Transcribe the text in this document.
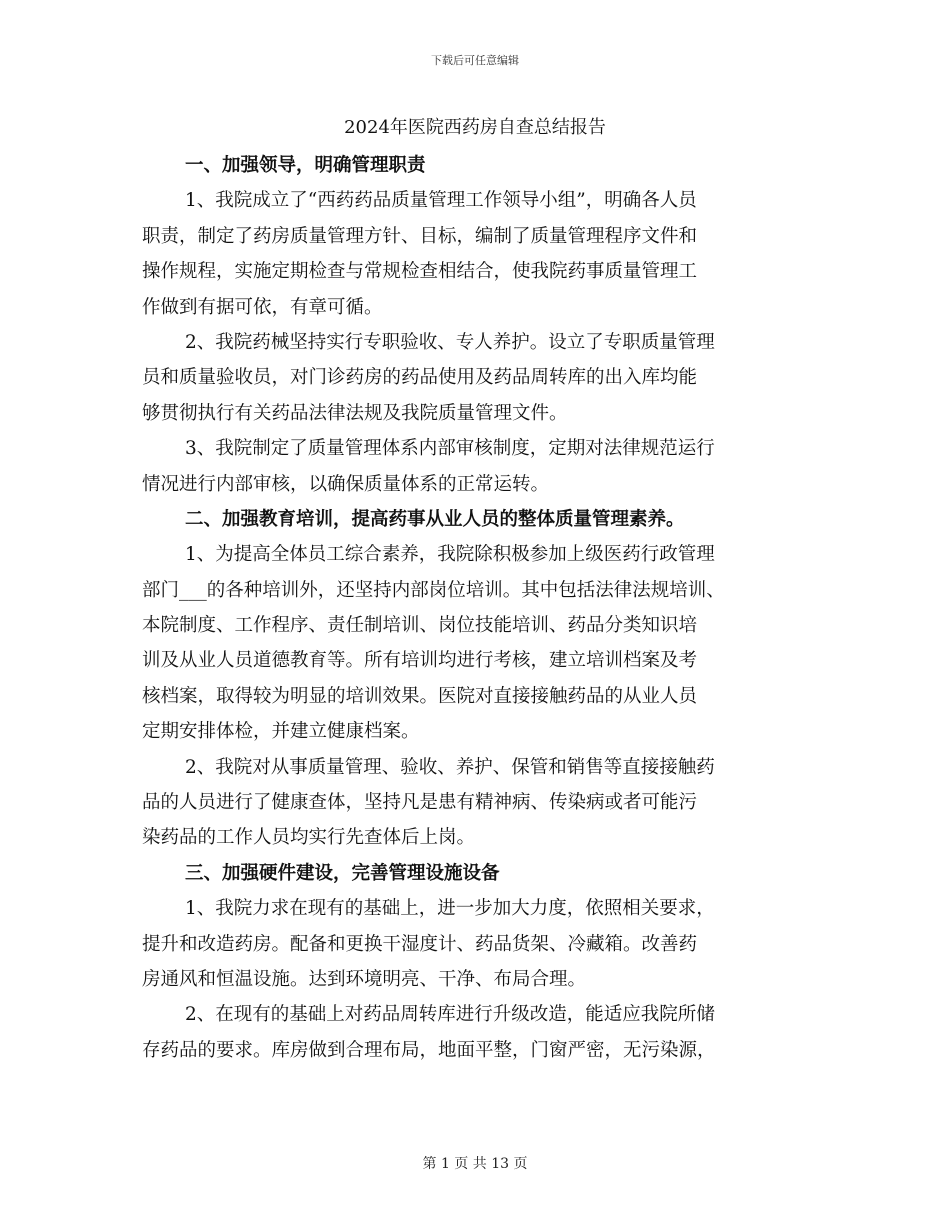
下载后可任意编辑
2024年医院西药房自查总结报告
一、加强领导，明确管理职责
1、我院成立了“西药药品质量管理工作领导小组”，明确各人员
职责，制定了药房质量管理方针、目标，编制了质量管理程序文件和
操作规程，实施定期检查与常规检查相结合，使我院药事质量管理工
作做到有据可依，有章可循。
2、我院药械坚持实行专职验收、专人养护。设立了专职质量管理
员和质量验收员，对门诊药房的药品使用及药品周转库的出入库均能
够贯彻执行有关药品法律法规及我院质量管理文件。
3、我院制定了质量管理体系内部审核制度，定期对法律规范运行
情况进行内部审核，以确保质量体系的正常运转。
二、加强教育培训，提高药事从业人员的整体质量管理素养。
1、为提高全体员工综合素养，我院除积极参加上级医药行政管理
部门___的各种培训外，还坚持内部岗位培训。其中包括法律法规培训、
本院制度、工作程序、责任制培训、岗位技能培训、药品分类知识培
训及从业人员道德教育等。所有培训均进行考核，建立培训档案及考
核档案，取得较为明显的培训效果。医院对直接接触药品的从业人员
定期安排体检，并建立健康档案。
2、我院对从事质量管理、验收、养护、保管和销售等直接接触药
品的人员进行了健康查体，坚持凡是患有精神病、传染病或者可能污
染药品的工作人员均实行先查体后上岗。
三、加强硬件建设，完善管理设施设备
1、我院力求在现有的基础上，进一步加大力度，依照相关要求，
提升和改造药房。配备和更换干湿度计、药品货架、冷藏箱。改善药
房通风和恒温设施。达到环境明亮、干净、布局合理。
2、在现有的基础上对药品周转库进行升级改造，能适应我院所储
存药品的要求。库房做到合理布局，地面平整，门窗严密，无污染源，
第 1 页 共 13 页
